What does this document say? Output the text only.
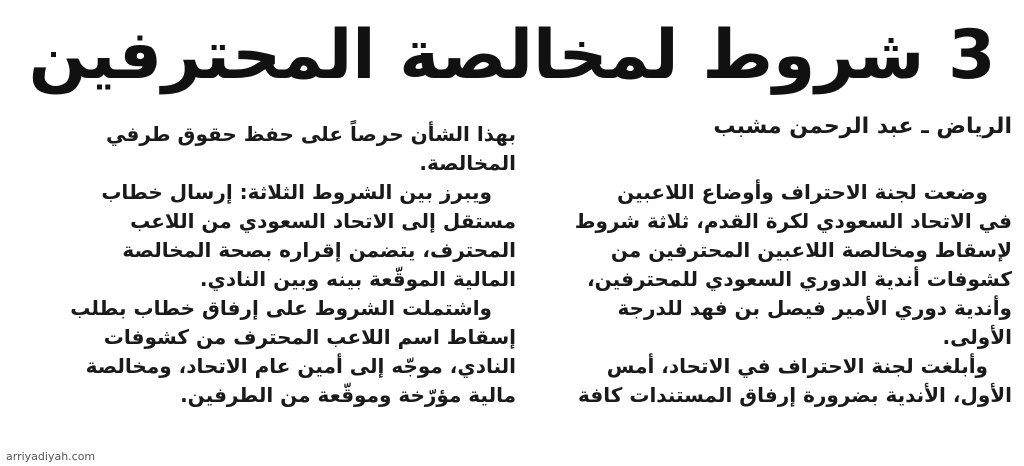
3 شروط لمخالصة المحترفين
الرياض ـ عبد الرحمن مشبب
وضعت لجنة الاحتراف وأوضاع اللاعبين
في الاتحاد السعودي لكرة القدم، ثلاثة شروط
لإسقاط ومخالصة اللاعبين المحترفين من
كشوفات أندية الدوري السعودي للمحترفين،
وأندية دوري الأمير فيصل بن فهد للدرجة
الأولى.
وأبلغت لجنة الاحتراف في الاتحاد، أمس
الأول، الأندية بضرورة إرفاق المستندات كافة
بهذا الشأن حرصاً على حفظ حقوق طرفي
المخالصة.
ويبرز بين الشروط الثلاثة: إرسال خطاب
مستقل إلى الاتحاد السعودي من اللاعب
المحترف، يتضمن إقراره بصحة المخالصة
المالية الموقّعة بينه وبين النادي.
واشتملت الشروط على إرفاق خطاب بطلب
إسقاط اسم اللاعب المحترف من كشوفات
النادي، موجّه إلى أمين عام الاتحاد، ومخالصة
مالية مؤرّخة وموقّعة من الطرفين.
arriyadiyah.com
